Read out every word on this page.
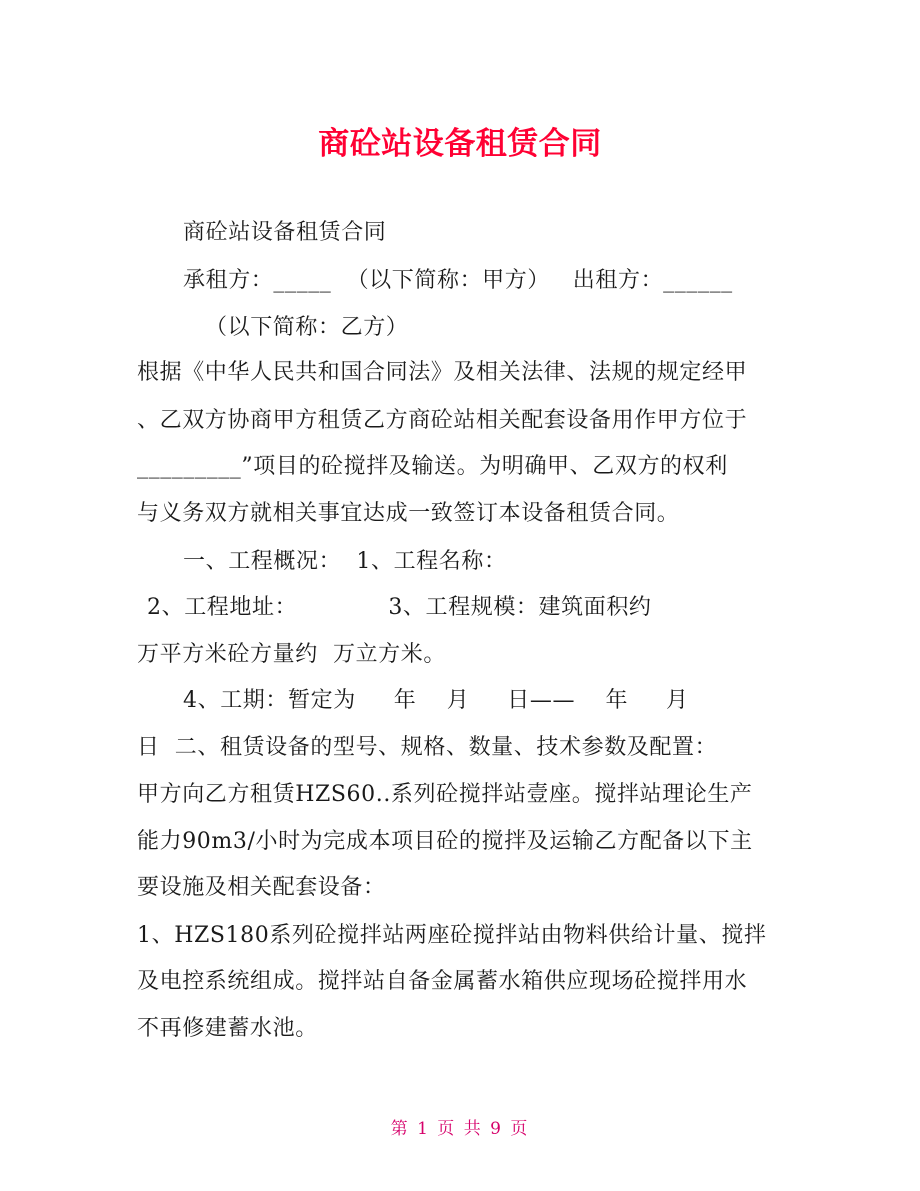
商砼站设备租赁合同
商砼站设备租赁合同
承租方：_____  （以下简称：甲方）   出租方：______
（以下简称：乙方）
根据《中华人民共和国合同法》及相关法律、法规的规定经甲
、乙双方协商甲方租赁乙方商砼站相关配套设备用作甲方位于
_________”项目的砼搅拌及输送。为明确甲、乙双方的权利
与义务双方就相关事宜达成一致签订本设备租赁合同。
一、工程概况：  1、工程名称：
2、工程地址：            3、工程规模：建筑面积约
万平方米砼方量约  万立方米。
4、工期：暂定为     年    月     日——    年     月
日  二、租赁设备的型号、规格、数量、技术参数及配置：
甲方向乙方租赁HZS60..系列砼搅拌站壹座。搅拌站理论生产
能力90m3/小时为完成本项目砼的搅拌及运输乙方配备以下主
要设施及相关配套设备：
1、HZS180系列砼搅拌站两座砼搅拌站由物料供给计量、搅拌
及电控系统组成。搅拌站自备金属蓄水箱供应现场砼搅拌用水
不再修建蓄水池。
第 1 页 共 9 页
